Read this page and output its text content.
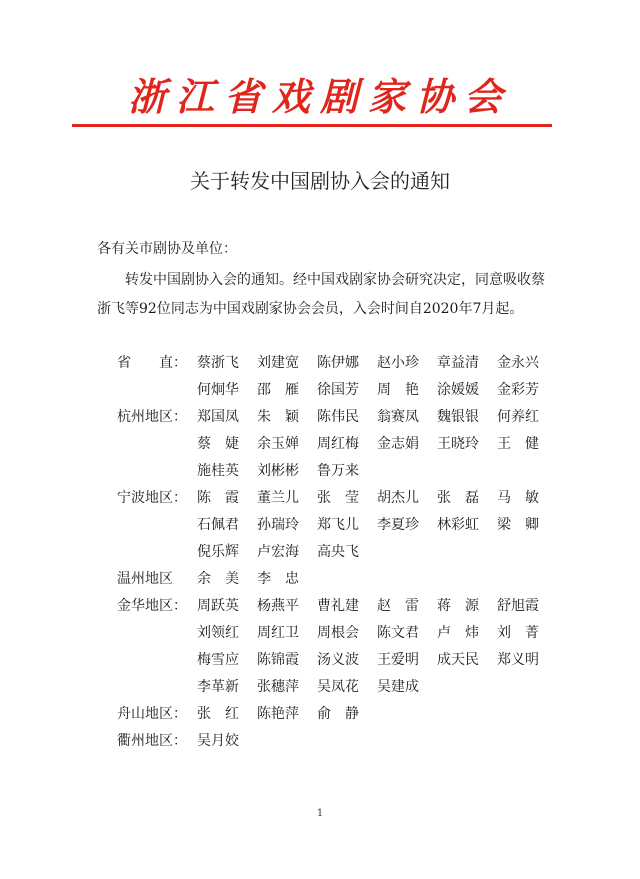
浙江省戏剧家协会
关于转发中国剧协入会的通知
各有关市剧协及单位：
转发中国剧协入会的通知。经中国戏剧家协会研究决定，同意吸收蔡浙飞等92位同志为中国戏剧家协会会员，入会时间自2020年7月起。
省　　直： 蔡浙飞	刘建宽	陈伊娜	赵小珍	章益清	金永兴
何炯华	邵　雁	徐国芳	周　艳	涂媛媛	金彩芳
杭州地区： 郑国凤	朱　颖	陈伟民	翁赛凤	魏银银	何养红
蔡　婕	余玉婵	周红梅	金志娟	王晓玲	王　健
施桂英	刘彬彬	鲁万来
宁波地区： 陈　霞	董兰儿	张　莹	胡杰儿	张　磊	马　敏
石佩君	孙瑞玲	郑飞儿	李夏珍	林彩虹	梁　卿
倪乐辉	卢宏海	高央飞
温州地区	余　美	李　忠
金华地区： 周跃英	杨燕平	曹礼建	赵　雷	蒋　源	舒旭霞
刘领红	周红卫	周根会	陈文君	卢　炜	刘　菁
梅雪应	陈锦霞	汤义波	王爱明	成天民	郑义明
李革新	张穗萍	吴凤花	吴建成
舟山地区： 张　红	陈艳萍	俞　静
衢州地区： 吴月姣
1
